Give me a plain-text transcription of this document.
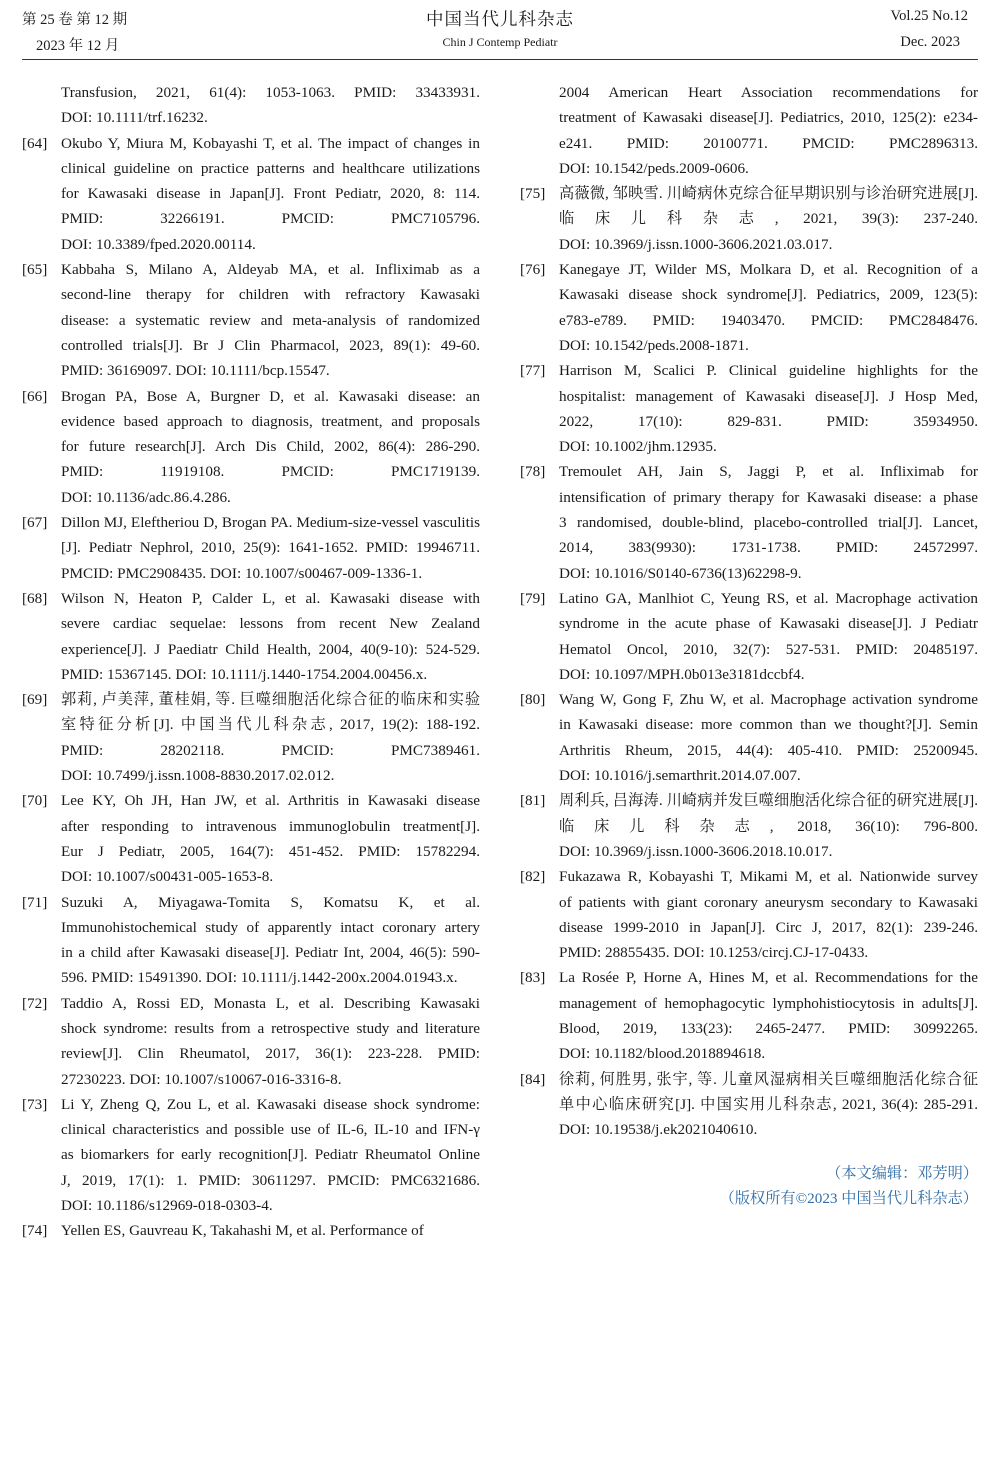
第 25 卷 第 12 期
2023 年 12 月
中国当代儿科杂志
Chin J Contemp Pediatr
Vol.25 No.12
Dec. 2023
Transfusion, 2021, 61(4): 1053-1063. PMID: 33433931.
DOI: 10.1111/trf.16232.
[64] Okubo Y, Miura M, Kobayashi T, et al. The impact of changes in
clinical guideline on practice patterns and healthcare utilizations
for Kawasaki disease in Japan[J]. Front Pediatr, 2020, 8: 114.
PMID: 32266191. PMCID: PMC7105796.
DOI: 10.3389/fped.2020.00114.
[65] Kabbaha S, Milano A, Aldeyab MA, et al. Infliximab as a
second-line therapy for children with refractory Kawasaki
disease: a systematic review and meta-analysis of randomized
controlled trials[J]. Br J Clin Pharmacol, 2023, 89(1): 49-60.
PMID: 36169097. DOI: 10.1111/bcp.15547.
[66] Brogan PA, Bose A, Burgner D, et al. Kawasaki disease: an
evidence based approach to diagnosis, treatment, and proposals
for future research[J]. Arch Dis Child, 2002, 86(4): 286-290.
PMID: 11919108. PMCID: PMC1719139.
DOI: 10.1136/adc.86.4.286.
[67] Dillon MJ, Eleftheriou D, Brogan PA. Medium-size-vessel vasculitis
[J]. Pediatr Nephrol, 2010, 25(9): 1641-1652. PMID: 19946711.
PMCID: PMC2908435. DOI: 10.1007/s00467-009-1336-1.
[68] Wilson N, Heaton P, Calder L, et al. Kawasaki disease with
severe cardiac sequelae: lessons from recent New Zealand
experience[J]. J Paediatr Child Health, 2004, 40(9-10): 524-529.
PMID: 15367145. DOI: 10.1111/j.1440-1754.2004.00456.x.
[69] 郭莉, 卢美萍, 董桂娟, 等. 巨噬细胞活化综合征的临床和实验
室特征分析[J]. 中国当代儿科杂志, 2017, 19(2): 188-192.
PMID: 28202118. PMCID: PMC7389461.
DOI: 10.7499/j.issn.1008-8830.2017.02.012.
[70] Lee KY, Oh JH, Han JW, et al. Arthritis in Kawasaki disease
after responding to intravenous immunoglobulin treatment[J].
Eur J Pediatr, 2005, 164(7): 451-452. PMID: 15782294.
DOI: 10.1007/s00431-005-1653-8.
[71] Suzuki A, Miyagawa-Tomita S, Komatsu K, et al.
Immunohistochemical study of apparently intact coronary artery
in a child after Kawasaki disease[J]. Pediatr Int, 2004, 46(5): 590-
596. PMID: 15491390. DOI: 10.1111/j.1442-200x.2004.01943.x.
[72] Taddio A, Rossi ED, Monasta L, et al. Describing Kawasaki
shock syndrome: results from a retrospective study and literature
review[J]. Clin Rheumatol, 2017, 36(1): 223-228. PMID:
27230223. DOI: 10.1007/s10067-016-3316-8.
[73] Li Y, Zheng Q, Zou L, et al. Kawasaki disease shock syndrome:
clinical characteristics and possible use of IL-6, IL-10 and IFN-γ
as biomarkers for early recognition[J]. Pediatr Rheumatol Online
J, 2019, 17(1): 1. PMID: 30611297. PMCID: PMC6321686.
DOI: 10.1186/s12969-018-0303-4.
[74] Yellen ES, Gauvreau K, Takahashi M, et al. Performance of
2004 American Heart Association recommendations for
treatment of Kawasaki disease[J]. Pediatrics, 2010, 125(2): e234-
e241. PMID: 20100771. PMCID: PMC2896313.
DOI: 10.1542/peds.2009-0606.
[75] 高薇微, 邹映雪. 川崎病休克综合征早期识别与诊治研究进展[J].
临床儿科杂志, 2021, 39(3): 237-240.
DOI: 10.3969/j.issn.1000-3606.2021.03.017.
[76] Kanegaye JT, Wilder MS, Molkara D, et al. Recognition of a
Kawasaki disease shock syndrome[J]. Pediatrics, 2009, 123(5):
e783-e789. PMID: 19403470. PMCID: PMC2848476.
DOI: 10.1542/peds.2008-1871.
[77] Harrison M, Scalici P. Clinical guideline highlights for the
hospitalist: management of Kawasaki disease[J]. J Hosp Med,
2022, 17(10): 829-831. PMID: 35934950.
DOI: 10.1002/jhm.12935.
[78] Tremoulet AH, Jain S, Jaggi P, et al. Infliximab for
intensification of primary therapy for Kawasaki disease: a phase
3 randomised, double-blind, placebo-controlled trial[J]. Lancet,
2014, 383(9930): 1731-1738. PMID: 24572997.
DOI: 10.1016/S0140-6736(13)62298-9.
[79] Latino GA, Manlhiot C, Yeung RS, et al. Macrophage activation
syndrome in the acute phase of Kawasaki disease[J]. J Pediatr
Hematol Oncol, 2010, 32(7): 527-531. PMID: 20485197.
DOI: 10.1097/MPH.0b013e3181dccbf4.
[80] Wang W, Gong F, Zhu W, et al. Macrophage activation syndrome
in Kawasaki disease: more common than we thought?[J]. Semin
Arthritis Rheum, 2015, 44(4): 405-410. PMID: 25200945.
DOI: 10.1016/j.semarthrit.2014.07.007.
[81] 周利兵, 吕海涛. 川崎病并发巨噬细胞活化综合征的研究进展[J].
临床儿科杂志, 2018, 36(10): 796-800.
DOI: 10.3969/j.issn.1000-3606.2018.10.017.
[82] Fukazawa R, Kobayashi T, Mikami M, et al. Nationwide survey
of patients with giant coronary aneurysm secondary to Kawasaki
disease 1999-2010 in Japan[J]. Circ J, 2017, 82(1): 239-246.
PMID: 28855435. DOI: 10.1253/circj.CJ-17-0433.
[83] La Rosée P, Horne A, Hines M, et al. Recommendations for the
management of hemophagocytic lymphohistiocytosis in adults[J].
Blood, 2019, 133(23): 2465-2477. PMID: 30992265.
DOI: 10.1182/blood.2018894618.
[84] 徐莉, 何胜男, 张宇, 等. 儿童风湿病相关巨噬细胞活化综合征
单中心临床研究[J]. 中国实用儿科杂志, 2021, 36(4): 285-291.
DOI: 10.19538/j.ek2021040610.
（本文编辑：邓芳明）
（版权所有©2023 中国当代儿科杂志）
